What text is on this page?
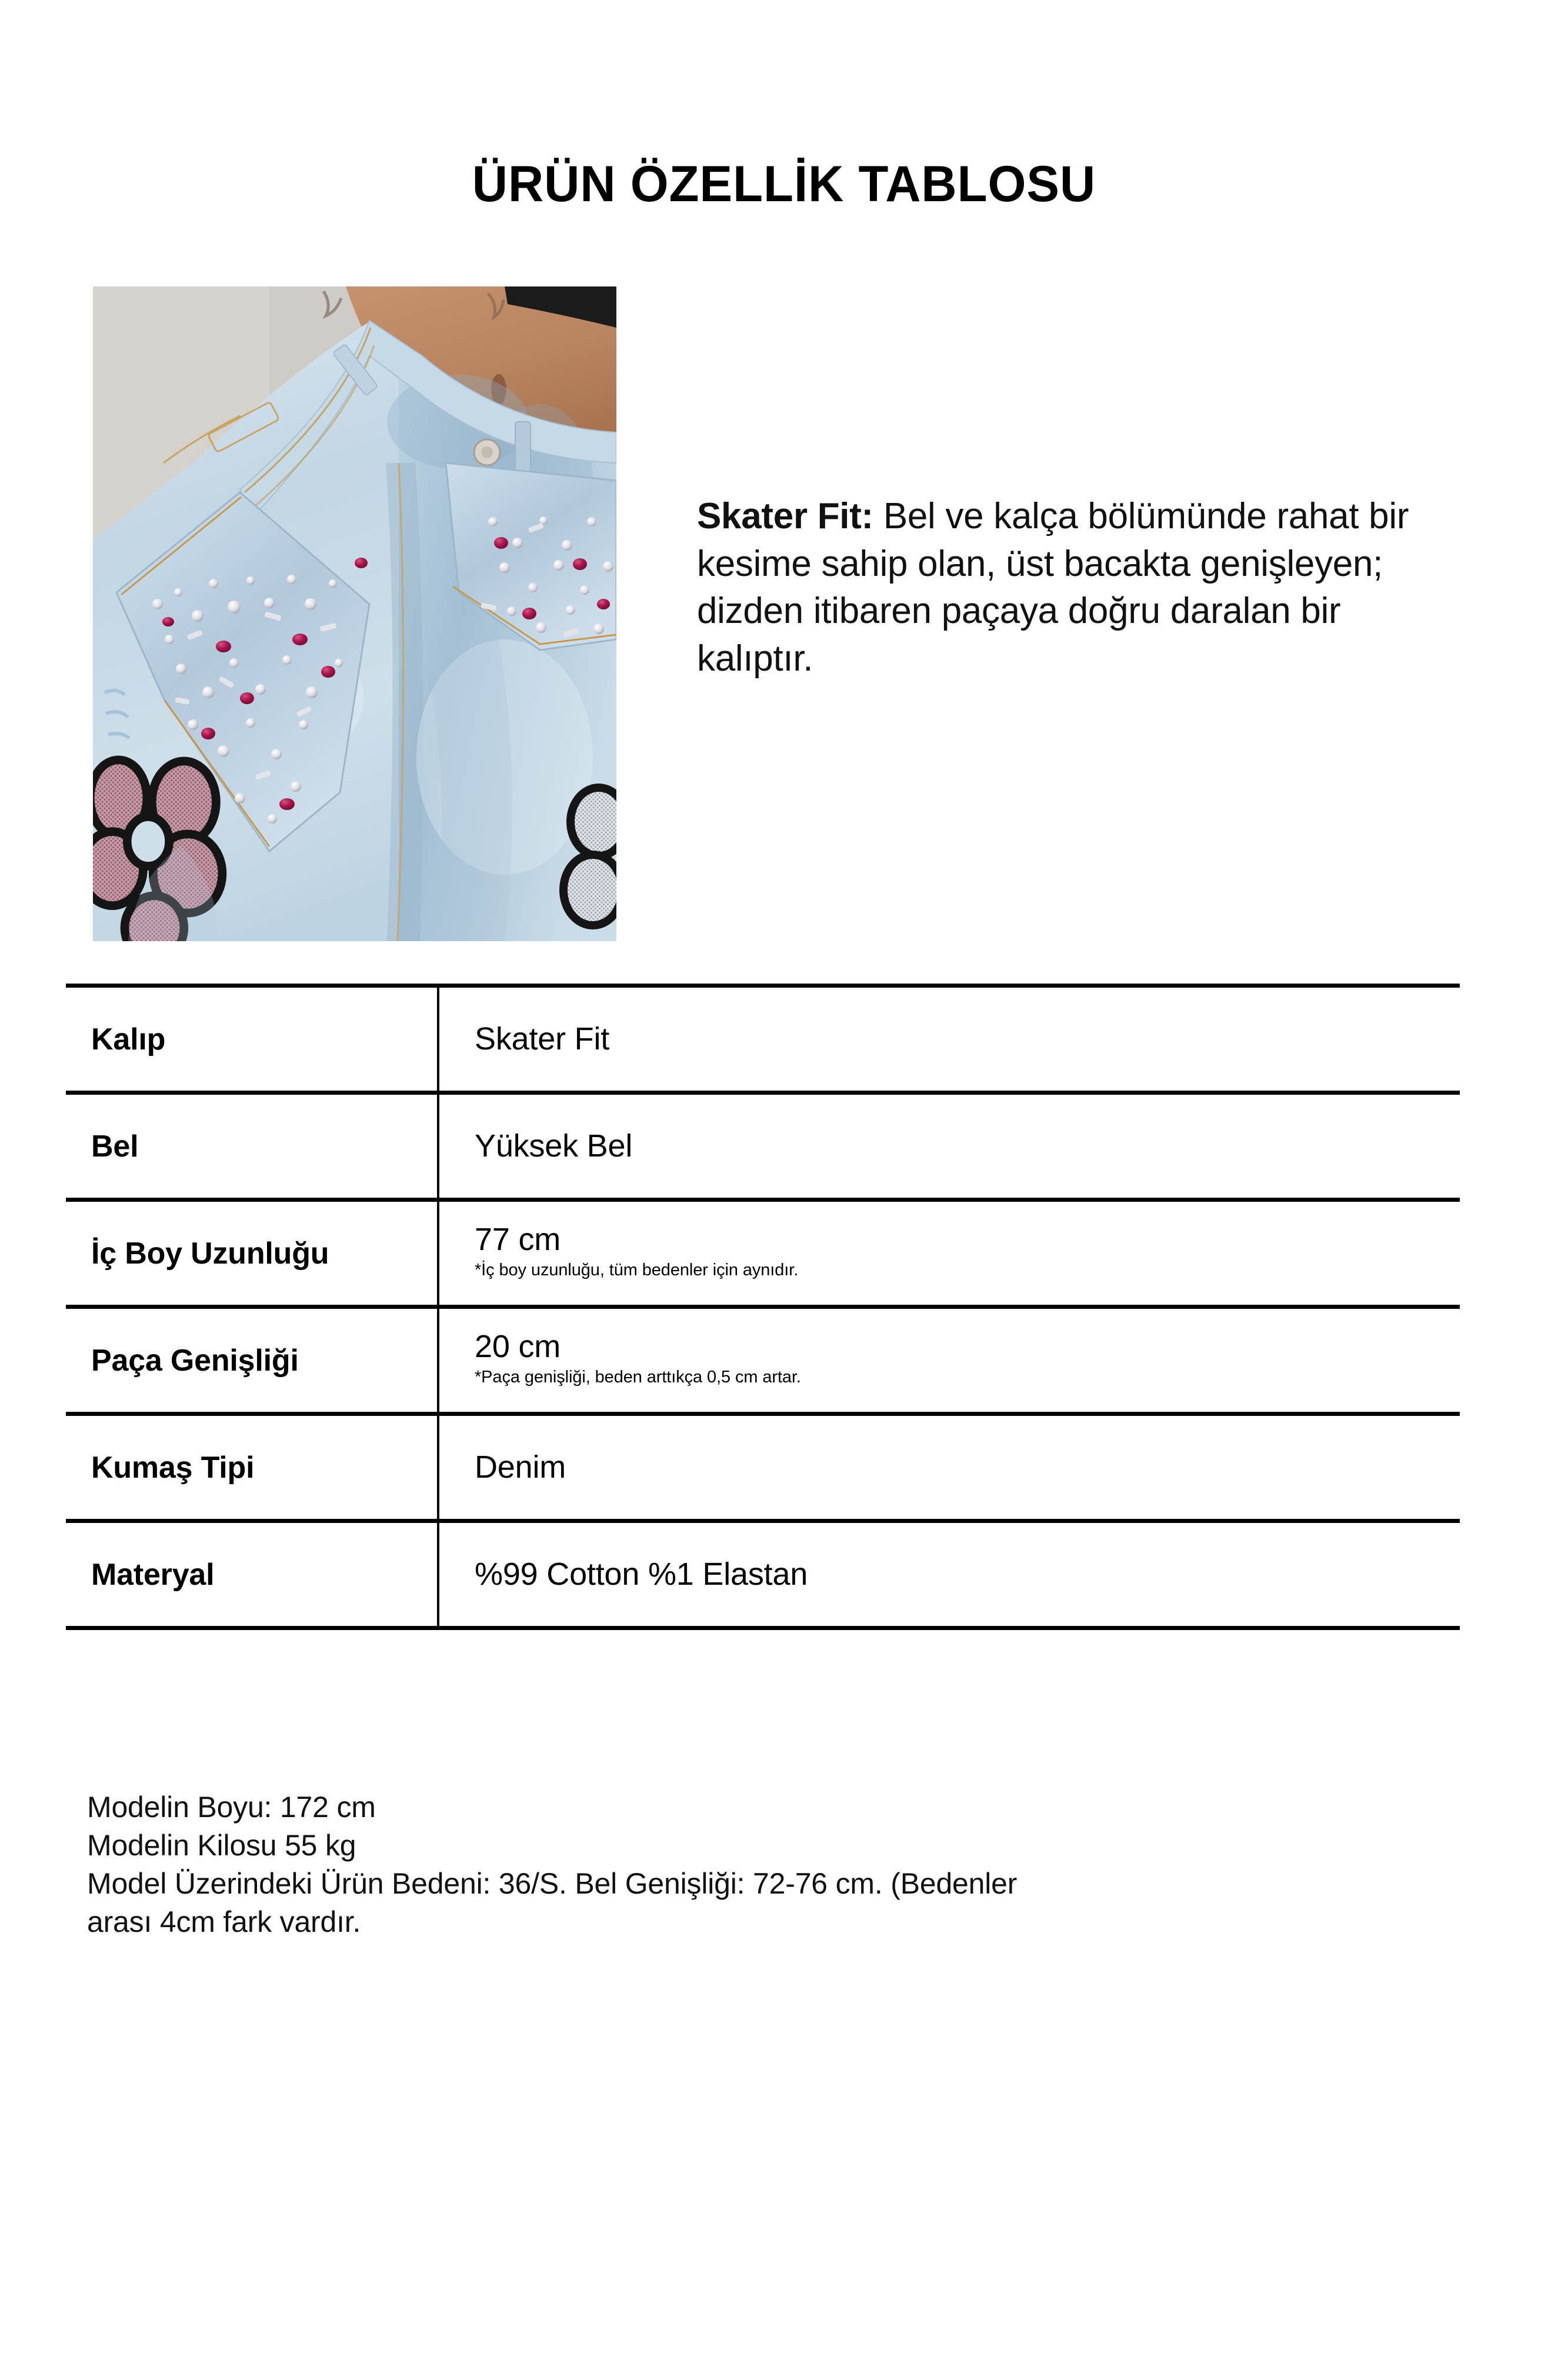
ÜRÜN ÖZELLİK TABLOSU
Skater Fit: Bel ve kalça bölümünde rahat bir kesime sahip olan, üst bacakta genişleyen; dizden itibaren paçaya doğru daralan bir kalıptır.
Kalıp	Skater Fit

Bel	Yüksek Bel

İç Boy Uzunluğu	77 cm
*İç boy uzunluğu, tüm bedenler için aynıdır.

Paça Genişliği	20 cm
*Paça genişliği, beden arttıkça 0,5 cm artar.

Kumaş Tipi	Denim

Materyal	%99 Cotton %1 Elastan
Modelin Boyu: 172 cm
Modelin Kilosu 55 kg
Model Üzerindeki Ürün Bedeni: 36/S. Bel Genişliği: 72-76 cm. (Bedenler
arası 4cm fark vardır.
